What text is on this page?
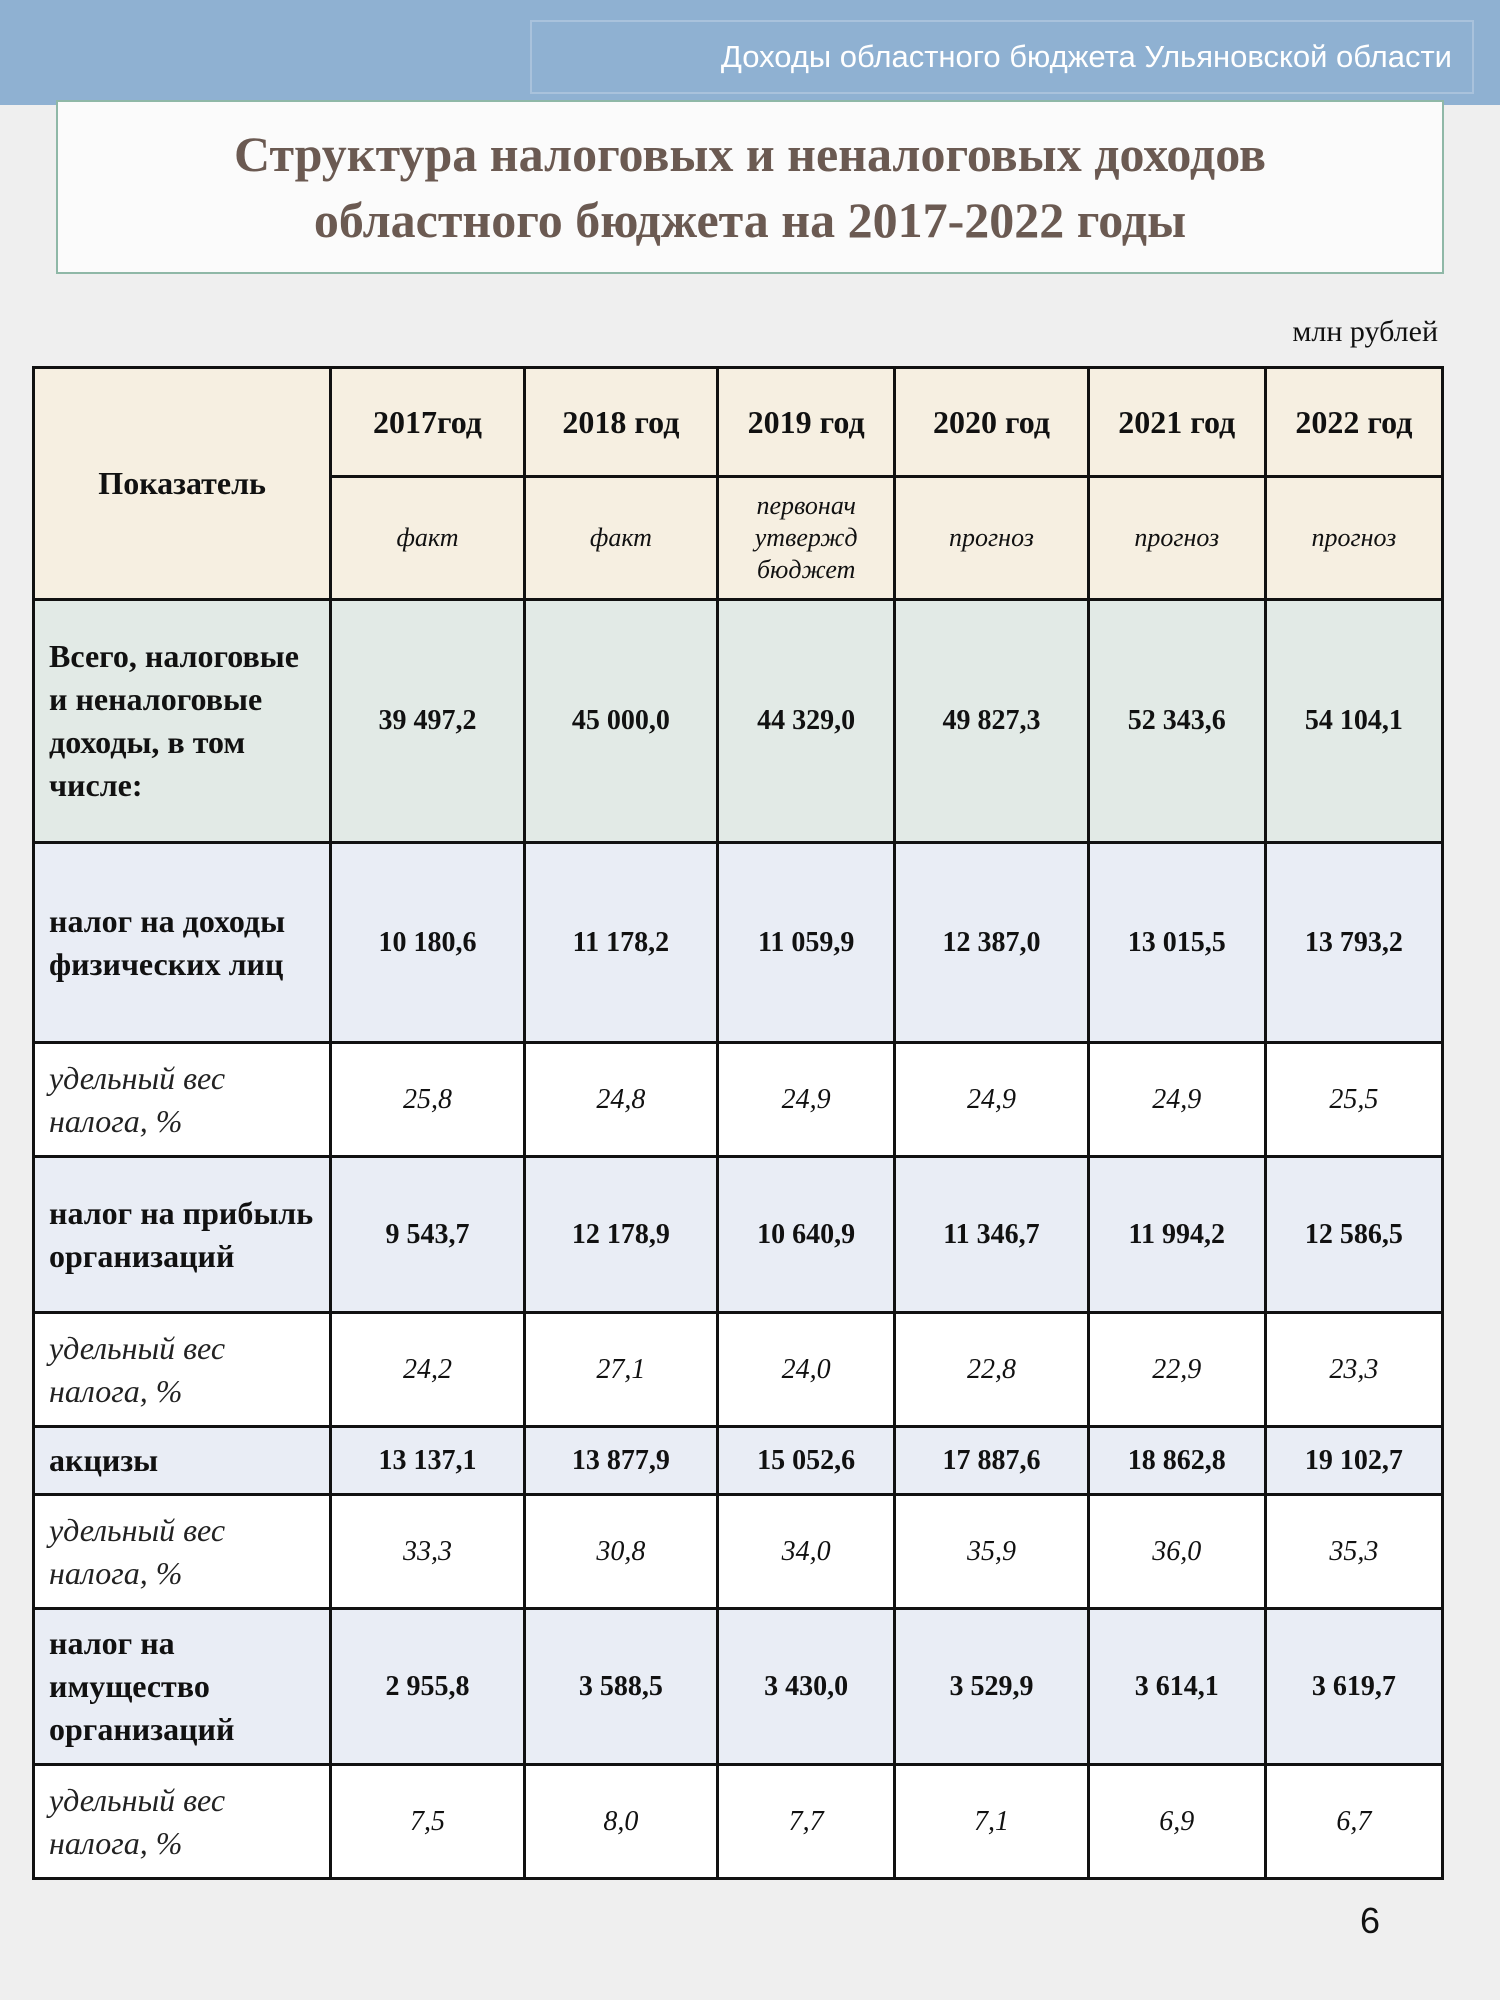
Доходы областного бюджета Ульяновской области
Структура налоговых и неналоговых доходов
областного бюджета на 2017-2022 годы
млн рублей
Показатель	2017год	2018 год	2019 год	2020 год	2021 год	2022 год
	факт	факт	первонач утвержд бюджет	прогноз	прогноз	прогноз
Всего, налоговые и неналоговые доходы, в том числе:	39 497,2	45 000,0	44 329,0	49 827,3	52 343,6	54 104,1
налог на доходы физических лиц	10 180,6	11 178,2	11 059,9	12 387,0	13 015,5	13 793,2
удельный вес налога, %	25,8	24,8	24,9	24,9	24,9	25,5
налог на прибыль организаций	9 543,7	12 178,9	10 640,9	11 346,7	11 994,2	12 586,5
удельный вес налога, %	24,2	27,1	24,0	22,8	22,9	23,3
акцизы	13 137,1	13 877,9	15 052,6	17 887,6	18 862,8	19 102,7
удельный вес налога, %	33,3	30,8	34,0	35,9	36,0	35,3
налог на имущество организаций	2 955,8	3 588,5	3 430,0	3 529,9	3 614,1	3 619,7
удельный вес налога, %	7,5	8,0	7,7	7,1	6,9	6,7
6
